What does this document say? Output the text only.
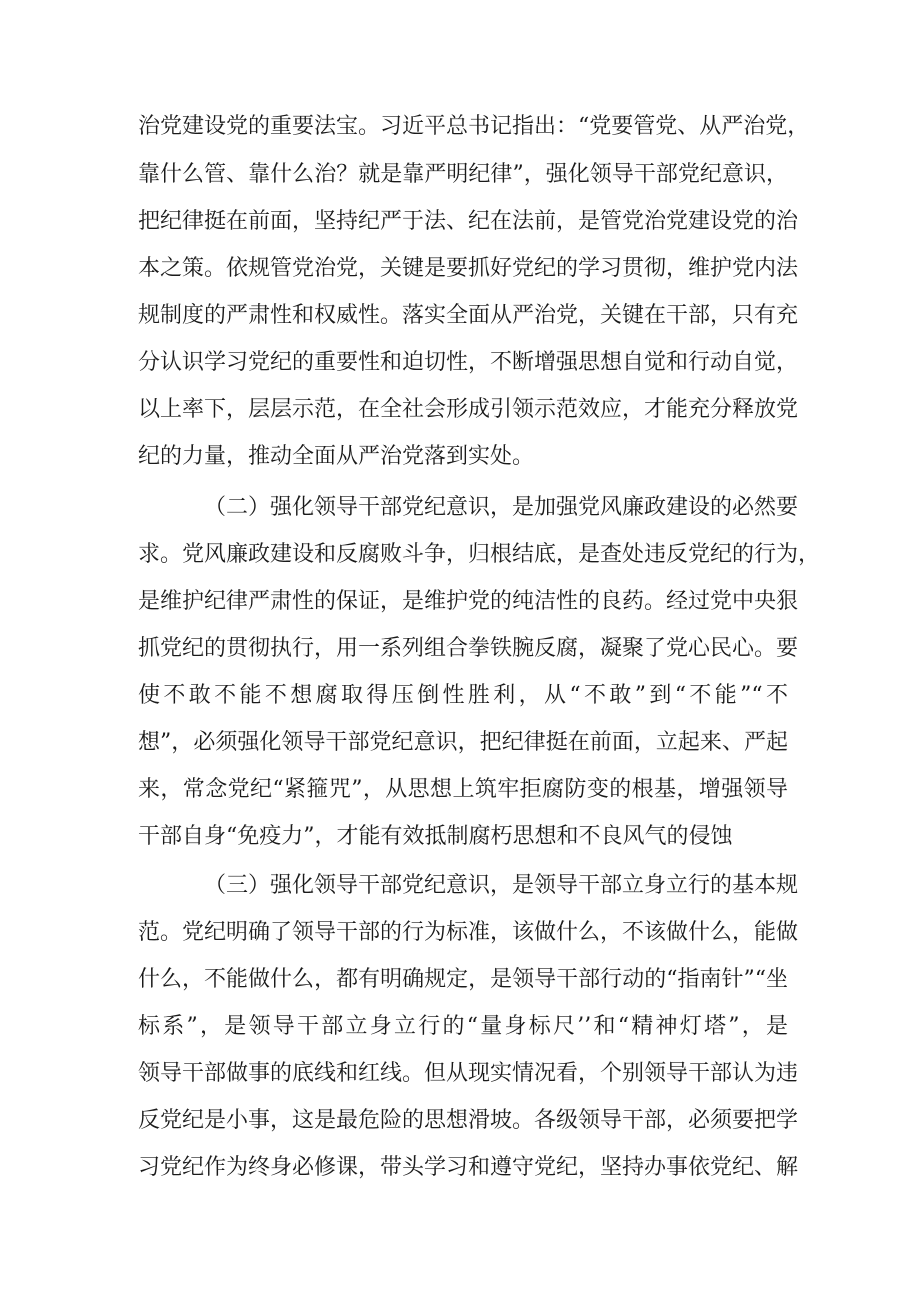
治党建设党的重要法宝。习近平总书记指出：“党要管党、从严治党，
靠什么管、靠什么治？就是靠严明纪律”，强化领导干部党纪意识，
把纪律挺在前面，坚持纪严于法、纪在法前，是管党治党建设党的治
本之策。依规管党治党，关键是要抓好党纪的学习贯彻，维护党内法
规制度的严肃性和权威性。落实全面从严治党，关键在干部，只有充
分认识学习党纪的重要性和迫切性，不断增强思想自觉和行动自觉，
以上率下，层层示范，在全社会形成引领示范效应，才能充分释放党
纪的力量，推动全面从严治党落到实处。
（二）强化领导干部党纪意识，是加强党风廉政建设的必然要
求。党风廉政建设和反腐败斗争，归根结底，是查处违反党纪的行为，
是维护纪律严肃性的保证，是维护党的纯洁性的良药。经过党中央狠
抓党纪的贯彻执行，用一系列组合拳铁腕反腐，凝聚了党心民心。要
使不敢不能不想腐取得压倒性胜利，从“不敢”到“不能”“不
想”，必须强化领导干部党纪意识，把纪律挺在前面，立起来、严起
来，常念党纪“紧箍咒”，从思想上筑牢拒腐防变的根基，增强领导
干部自身“免疫力”，才能有效抵制腐朽思想和不良风气的侵蚀
（三）强化领导干部党纪意识，是领导干部立身立行的基本规
范。党纪明确了领导干部的行为标准，该做什么，不该做什么，能做
什么，不能做什么，都有明确规定，是领导干部行动的“指南针”“坐
标系”，是领导干部立身立行的“量身标尺’’和“精神灯塔”，是
领导干部做事的底线和红线。但从现实情况看，个别领导干部认为违
反党纪是小事，这是最危险的思想滑坡。各级领导干部，必须要把学
习党纪作为终身必修课，带头学习和遵守党纪，坚持办事依党纪、解
